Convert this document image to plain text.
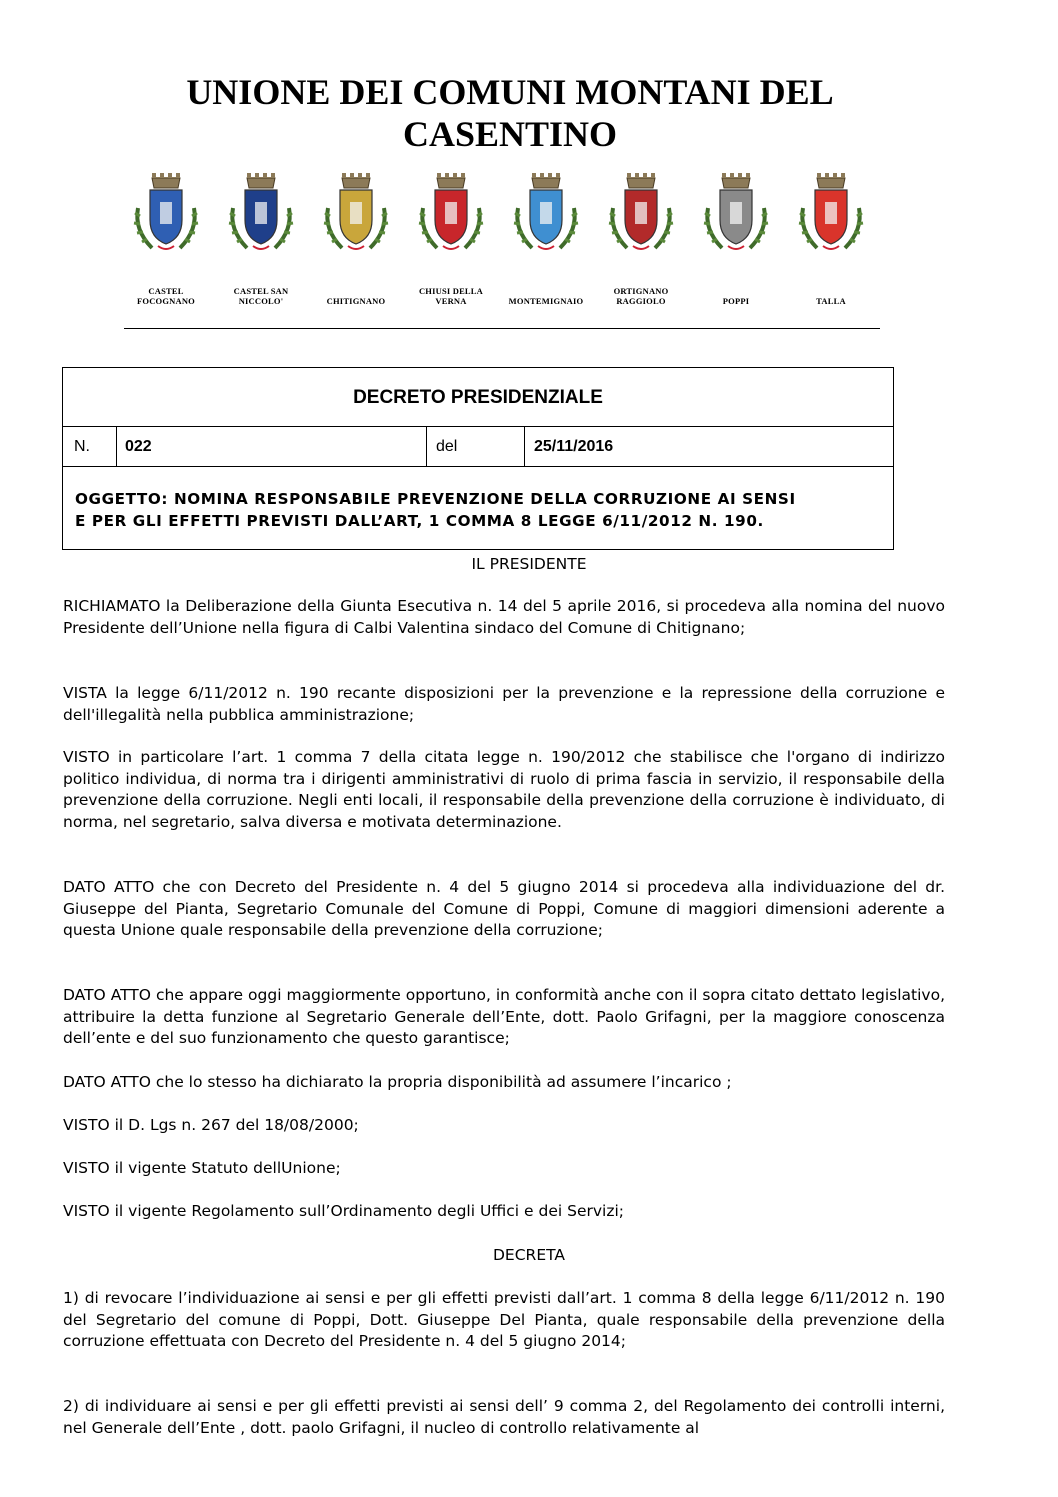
UNIONE DEI COMUNI MONTANI DEL
CASENTINO
CASTEL
FOCOGNANO
CASTEL SAN
NICCOLO'
	CHITIGNANO
CHIUSI DELLA
VERNA
	MONTEMIGNAIO
ORTIGNANO
RAGGIOLO
	POPPI
	TALLA
DECRETO PRESIDENZIALE
N.	022	del	25/11/2016
OGGETTO: NOMINA RESPONSABILE PREVENZIONE DELLA CORRUZIONE AI SENSI
E PER GLI EFFETTI PREVISTI DALL’ART, 1 COMMA 8 LEGGE 6/11/2012 N. 190.
IL PRESIDENTE
RICHIAMATO la Deliberazione della Giunta Esecutiva n. 14 del 5 aprile 2016, si procedeva alla nomina del nuovo Presidente dell’Unione nella figura di Calbi Valentina sindaco del Comune di Chitignano;
VISTA la legge 6/11/2012 n. 190 recante disposizioni per la prevenzione e la repressione della corruzione e dell'illegalità nella pubblica amministrazione;
VISTO in particolare l’art. 1 comma 7 della citata legge n. 190/2012 che stabilisce che l'organo di indirizzo politico individua, di norma tra i dirigenti amministrativi di ruolo di prima fascia in servizio, il responsabile della prevenzione della corruzione. Negli enti locali, il responsabile della prevenzione della corruzione è individuato, di norma, nel segretario, salva diversa e motivata determinazione.
DATO ATTO che con Decreto del Presidente n. 4 del 5 giugno 2014 si procedeva alla individuazione del dr. Giuseppe del Pianta, Segretario Comunale del Comune di Poppi, Comune di maggiori dimensioni aderente a questa Unione quale responsabile della prevenzione della corruzione;
DATO ATTO che appare oggi maggiormente opportuno, in conformità anche con il sopra citato dettato legislativo, attribuire la detta funzione al Segretario Generale dell’Ente, dott. Paolo Grifagni, per la maggiore conoscenza dell’ente e del suo funzionamento che questo garantisce;
DATO ATTO che lo stesso ha dichiarato la propria disponibilità ad assumere l’incarico ;
VISTO il D. Lgs n. 267 del 18/08/2000;
VISTO il vigente Statuto dellUnione;
VISTO il vigente Regolamento sull’Ordinamento degli Uffici e dei Servizi;
DECRETA
1) di revocare l’individuazione ai sensi e per gli effetti previsti dall’art. 1 comma 8 della legge 6/11/2012 n. 190 del Segretario del comune di Poppi, Dott. Giuseppe Del Pianta, quale responsabile della prevenzione della corruzione effettuata con Decreto del Presidente n. 4 del 5 giugno 2014;
2) di individuare ai sensi e per gli effetti previsti ai sensi dell’ 9 comma 2, del Regolamento dei controlli interni, nel Generale dell’Ente , dott. paolo Grifagni, il nucleo di controllo relativamente al
